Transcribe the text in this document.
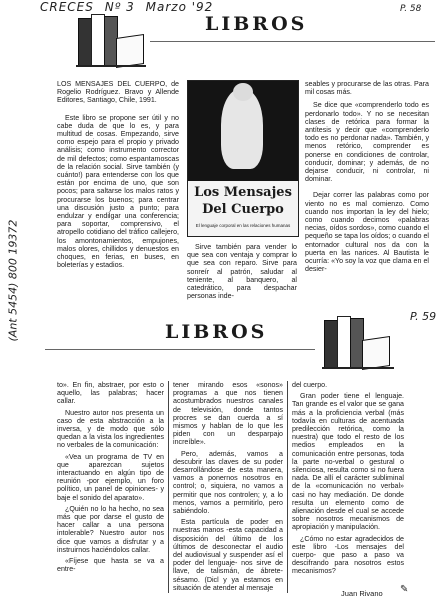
CRECES Nº 3 Marzo '92	P. 58
(Ant 5454) 800 19372	P. 59
LIBROS

LOS MENSAJES DEL CUERPO, de Rogelio Rodríguez. Bravo y Allende Editores, Santiago, Chile, 1991.

Este libro se propone ser útil y no cabe duda de que lo es, y para multitud de cosas. Empezando, sirve como espejo para el propio y privado análisis; como instrumento corrector de mil defectos; como espantamoscas de la relación social. Sirve también (y cuánto!) para entenderse con los que están por encima de uno, que son pocos; para saltarse los malos ratos y procurarse los buenos; para centrar una discusión justo a punto; para endulzar y endilgar una conferencia; para soportar, comprensivo, el atropello cotidiano del tráfico callejero, los amontonamientos, empujones, malos olores, chillidos y denuestos en choques, en ferias, en buses, en boleterías y estadios.

Los Mensajes
Del Cuerpo
El lenguaje corporal en las relaciones humanas

Sirve también para vender lo que sea con ventaja y comprar lo que sea con reparo. Sirve para sonreír al patrón, saludar al teniente, al banquero, al catedrático, para despachar personas inde-

seables y procurarse de las otras. Para mil cosas más.

Se dice que «comprenderlo todo es perdonarlo todo». Y no se necesitan clases de retórica para formar la antítesis y decir que «comprenderlo todo es no perdonar nada». También, y menos retórico, comprender es ponerse en condiciones de controlar, conducir, dominar; y además, de no dejarse conducir, ni controlar, ni dominar.

Dejar correr las palabras como por viento no es mal comienzo. Como cuando nos importan la ley del hielo; como cuando decimos «palabras necias, oídos sordos», como cuando el pequeño se tapa los oídos; o cuando el entornador cultural nos da con la puerta en las narices. Al Bautista le ocurría: «Yo soy la voz que clama en el desier-

LIBROS

to». En fin, abstraer, por esto o aquello, las palabras; hacer callar.

Nuestro autor nos presenta un caso de esta abstracción a la inversa, y de modo que sólo quedan a la vista los ingredientes no verbales de la comunicación:

«Vea un programa de TV en que aparezcan sujetos interactuando en algún tipo de reunión -por ejemplo, un foro político, un panel de opiniones- y baje el sonido del aparato».

¿Quién no lo ha hecho, no sea más que por darse el gusto de hacer callar a una persona intolerable? Nuestro autor nos dice que vamos a disfrutar y a instruirnos haciéndolos callar.

«Fíjese que hasta se va a entre-

tener mirando esos «sonos» programas a que nos tienen acostumbrados nuestros canales de televisión, donde tantos procres se dan cuerda a sí mismos y hablan de lo que les piden con un desparpajo increíble».

Pero, además, vamos a descubrir las claves de su poder desarrollándose de esta manera, vamos a ponernos nosotros en control; o, siquiera, no vamos a permitir que nos controlen; y, a lo menos, vamos a permitirlo, pero sabiéndolo.

Esta partícula de poder en nuestras manos -esta capacidad a disposición del último de los últimos de desconectar el audio del audiovisual y suspender así el poder del lenguaje- nos sirve de llave, de talismán, de ábrete-sésamo. (Dicl y ya estamos en situación de atender al mensaje

del cuerpo.

Gran poder tiene el lenguaje. Tan grande es el valor que se gana más a la proficiencia verbal (más todavía en culturas de acentuada predilección retórica, como la nuestra) que todo el resto de los medios empleados en la comunicación entre personas, toda la parte no-verbal o gestural o silenciosa, resulta como si no fuera nada. De allí el carácter subliminal de la «comunicación no verbal» casi no hay mediación. De donde resulta un elemento como de alienación desde el cual se accede sobre nosotros mecanismos de apropiación y manipulación.

¿Cómo no estar agradecidos de este libro -Los mensajes del cuerpo- que paso a paso va descifrando para nosotros estos mecanismos?

Juan Rivano ✎
